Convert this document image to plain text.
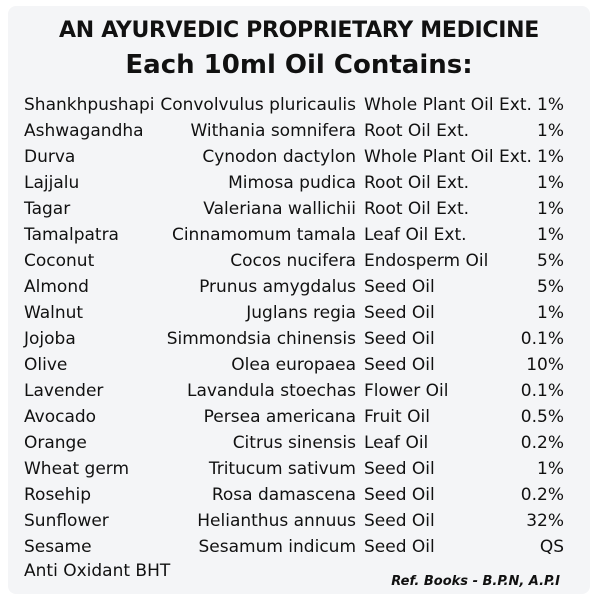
AN AYURVEDIC PROPRIETARY MEDICINE
Each 10ml Oil Contains:
Shankhpushapi Convolvulus pluricaulis Whole Plant Oil Ext. 1%
Ashwagandha	Withania somnifera Root Oil Ext.	1%
Durva	Cynodon dactylon Whole Plant Oil Ext. 1%
Lajjalu	Mimosa pudica Root Oil Ext.	1%
Tagar	Valeriana wallichii Root Oil Ext.	1%
Tamalpatra	Cinnamomum tamala Leaf Oil Ext.	1%
Coconut	Cocos nucifera Endosperm Oil	5%
Almond	Prunus amygdalus Seed Oil	5%
Walnut	Juglans regia Seed Oil	1%
Jojoba	Simmondsia chinensis Seed Oil	0.1%
Olive	Olea europaea Seed Oil	10%
Lavender	Lavandula stoechas Flower Oil	0.1%
Avocado	Persea americana Fruit Oil	0.5%
Orange	Citrus sinensis Leaf Oil	0.2%
Wheat germ	Tritucum sativum Seed Oil	1%
Rosehip	Rosa damascena Seed Oil	0.2%
Sunflower	Helianthus annuus Seed Oil	32%
Sesame	Sesamum indicum Seed Oil	QS
Anti Oxidant BHT
Ref. Books - B.P.N, A.P.I
